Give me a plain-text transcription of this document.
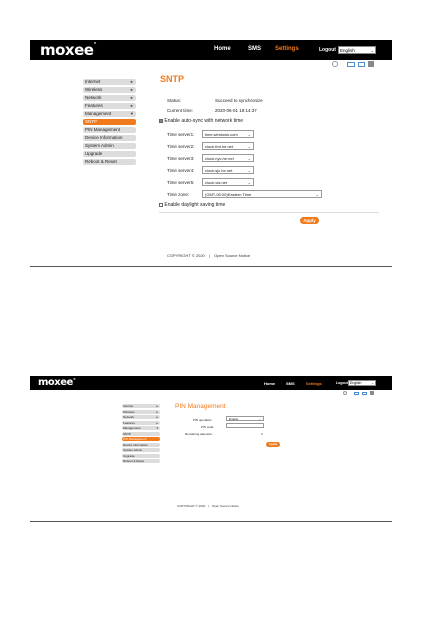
moxee®
Home	SMS Settings	Logout English	⌄
Internet	▸
Wireless	▸
Network	▸
Features	▸
Management	▾
SNTP
PIN Management
Device Information
System Admin
Upgrade
Reboot & Reset
SNTP
Status:	Succeed to synchronize
Current time:	2020-06-01 19:14:37
Enable auto-sync with network time
Time server1:	time.windows.com ⌄
Time server2:	clock.fmt.he.net	⌄
Time server3:	clock.nyc.he.net	⌄
Time server4:	clock.sjc.he.net	⌄
Time server5:	clock.via.net	⌄
Time zone:	(GMT-05:00)Eastern Time	⌄
Enable daylight saving time
Apply
COPYRIGHT © 2020 | Open Source Notice
moxee®
Home	SMS	Settings	Logout English	⌄
Internet	▸
Wireless	▸
Network	▸
Features	▸
Management	▾
SNTP
PIN Management
Device Information
System Admin
Upgrade
Reboot & Reset
PIN Management
PIN operation:	Enable	⌄
PIN code:
Remaining attempts:	3
Apply
COPYRIGHT © 2020 | Open Source Notice
